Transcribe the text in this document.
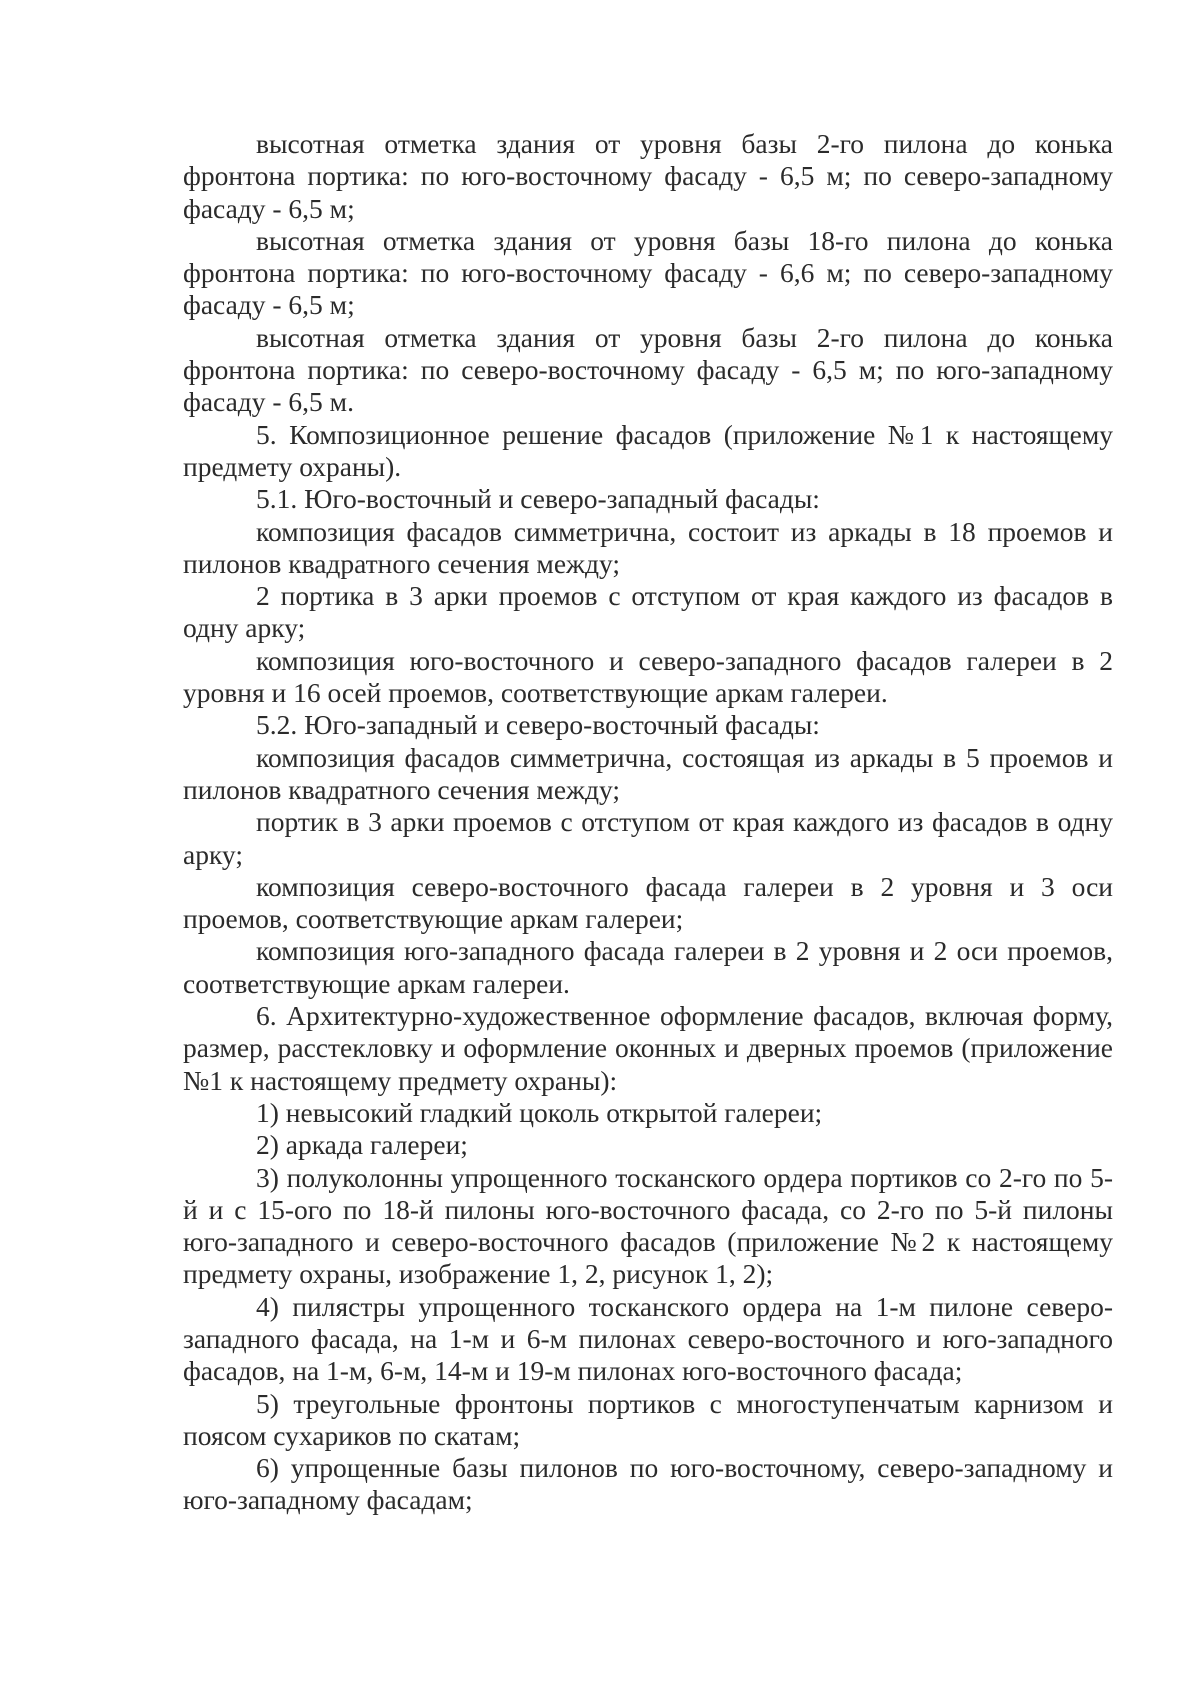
высотная отметка здания от уровня базы 2-го пилона до конька фронтона портика: по юго-восточному фасаду - 6,5 м; по северо-западному фасаду - 6,5 м;

высотная отметка здания от уровня базы 18-го пилона до конька фронтона портика: по юго-восточному фасаду - 6,6 м; по северо-западному фасаду - 6,5 м;

высотная отметка здания от уровня базы 2-го пилона до конька фронтона портика: по северо-восточному фасаду - 6,5 м; по юго-западному фасаду - 6,5 м.

5. Композиционное решение фасадов (приложение №1 к настоящему предмету охраны).

5.1. Юго-восточный и северо-западный фасады:

композиция фасадов симметрична, состоит из аркады в 18 проемов и пилонов квадратного сечения между;

2 портика в 3 арки проемов с отступом от края каждого из фасадов в одну арку;

композиция юго-восточного и северо-западного фасадов галереи в 2 уровня и 16 осей проемов, соответствующие аркам галереи.

5.2. Юго-западный и северо-восточный фасады:

композиция фасадов симметрична, состоящая из аркады в 5 проемов и пилонов квадратного сечения между;

портик в 3 арки проемов с отступом от края каждого из фасадов в одну арку;

композиция северо-восточного фасада галереи в 2 уровня и 3 оси проемов, соответствующие аркам галереи;

композиция юго-западного фасада галереи в 2 уровня и 2 оси проемов, соответствующие аркам галереи.

6. Архитектурно-художественное оформление фасадов, включая форму, размер, расстекловку и оформление оконных и дверных проемов (приложение №1 к настоящему предмету охраны):

1) невысокий гладкий цоколь открытой галереи;

2) аркада галереи;

3) полуколонны упрощенного тосканского ордера портиков со 2-го по 5-й и с 15-ого по 18-й пилоны юго-восточного фасада, со 2-го по 5-й пилоны юго-западного и северо-восточного фасадов (приложение №2 к настоящему предмету охраны, изображение 1, 2, рисунок 1, 2);

4) пилястры упрощенного тосканского ордера на 1-м пилоне северо-западного фасада, на 1-м и 6-м пилонах северо-восточного и юго-западного фасадов, на 1-м, 6-м, 14-м и 19-м пилонах юго-восточного фасада;

5) треугольные фронтоны портиков с многоступенчатым карнизом и поясом сухариков по скатам;

6) упрощенные базы пилонов по юго-восточному, северо-западному и юго-западному фасадам;
